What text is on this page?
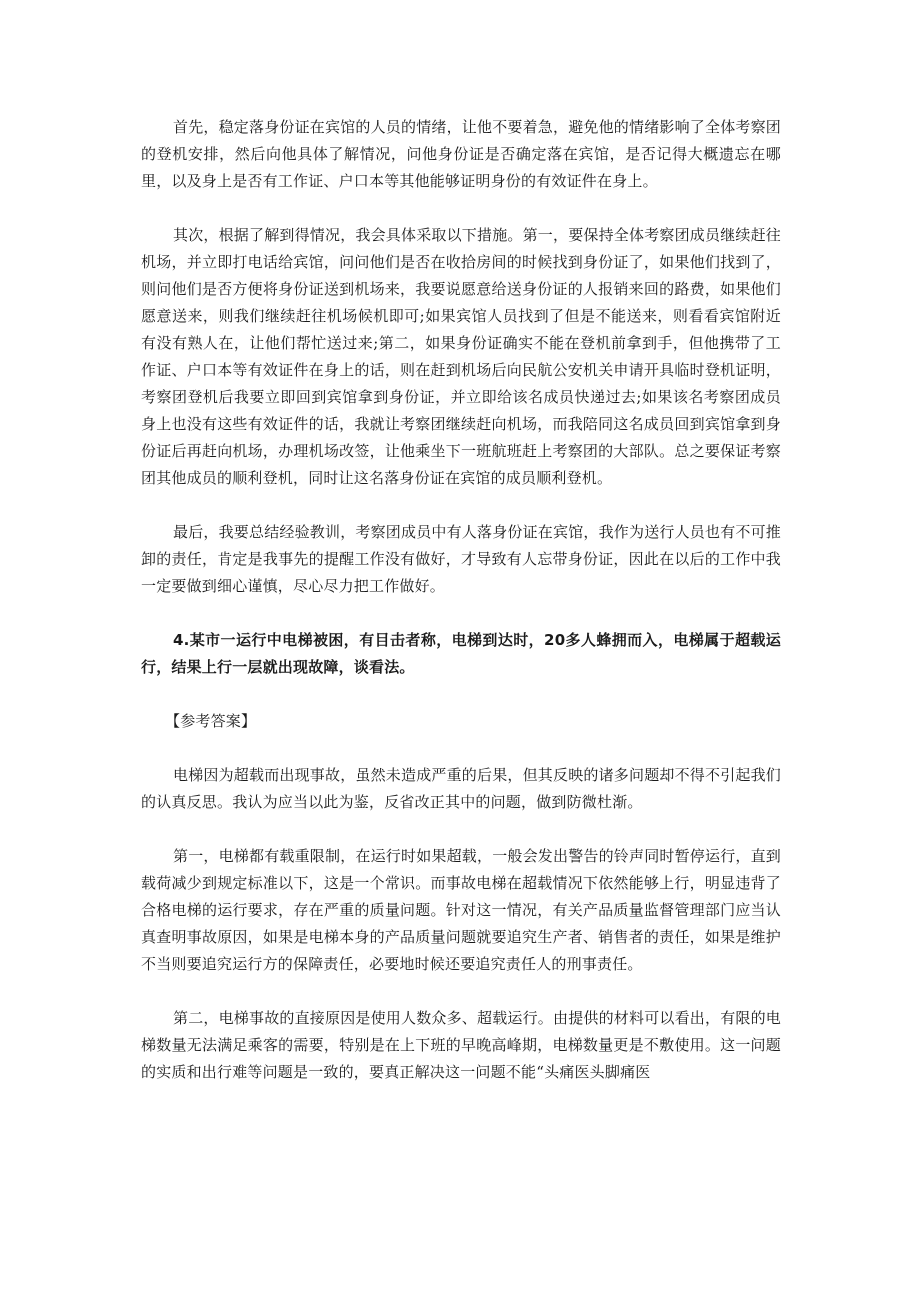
首先，稳定落身份证在宾馆的人员的情绪，让他不要着急，避免他的情绪影响了全体考察团的登机安排，然后向他具体了解情况，问他身份证是否确定落在宾馆，是否记得大概遗忘在哪里，以及身上是否有工作证、户口本等其他能够证明身份的有效证件在身上。

其次，根据了解到得情况，我会具体采取以下措施。第一，要保持全体考察团成员继续赶往机场，并立即打电话给宾馆，问问他们是否在收拾房间的时候找到身份证了，如果他们找到了，则问他们是否方便将身份证送到机场来，我要说愿意给送身份证的人报销来回的路费，如果他们愿意送来，则我们继续赶往机场候机即可;如果宾馆人员找到了但是不能送来，则看看宾馆附近有没有熟人在，让他们帮忙送过来;第二，如果身份证确实不能在登机前拿到手，但他携带了工作证、户口本等有效证件在身上的话，则在赶到机场后向民航公安机关申请开具临时登机证明，考察团登机后我要立即回到宾馆拿到身份证，并立即给该名成员快递过去;如果该名考察团成员身上也没有这些有效证件的话，我就让考察团继续赶向机场，而我陪同这名成员回到宾馆拿到身份证后再赶向机场，办理机场改签，让他乘坐下一班航班赶上考察团的大部队。总之要保证考察团其他成员的顺利登机，同时让这名落身份证在宾馆的成员顺利登机。

最后，我要总结经验教训，考察团成员中有人落身份证在宾馆，我作为送行人员也有不可推卸的责任，肯定是我事先的提醒工作没有做好，才导致有人忘带身份证，因此在以后的工作中我一定要做到细心谨慎，尽心尽力把工作做好。

4.某市一运行中电梯被困，有目击者称，电梯到达时，20多人蜂拥而入，电梯属于超载运行，结果上行一层就出现故障，谈看法。

【参考答案】

电梯因为超载而出现事故，虽然未造成严重的后果，但其反映的诸多问题却不得不引起我们的认真反思。我认为应当以此为鉴，反省改正其中的问题，做到防微杜渐。

第一，电梯都有载重限制，在运行时如果超载，一般会发出警告的铃声同时暂停运行，直到载荷减少到规定标准以下，这是一个常识。而事故电梯在超载情况下依然能够上行，明显违背了合格电梯的运行要求，存在严重的质量问题。针对这一情况，有关产品质量监督管理部门应当认真查明事故原因，如果是电梯本身的产品质量问题就要追究生产者、销售者的责任，如果是维护不当则要追究运行方的保障责任，必要地时候还要追究责任人的刑事责任。

第二，电梯事故的直接原因是使用人数众多、超载运行。由提供的材料可以看出，有限的电梯数量无法满足乘客的需要，特别是在上下班的早晚高峰期，电梯数量更是不敷使用。这一问题的实质和出行难等问题是一致的，要真正解决这一问题不能“头痛医头脚痛医
